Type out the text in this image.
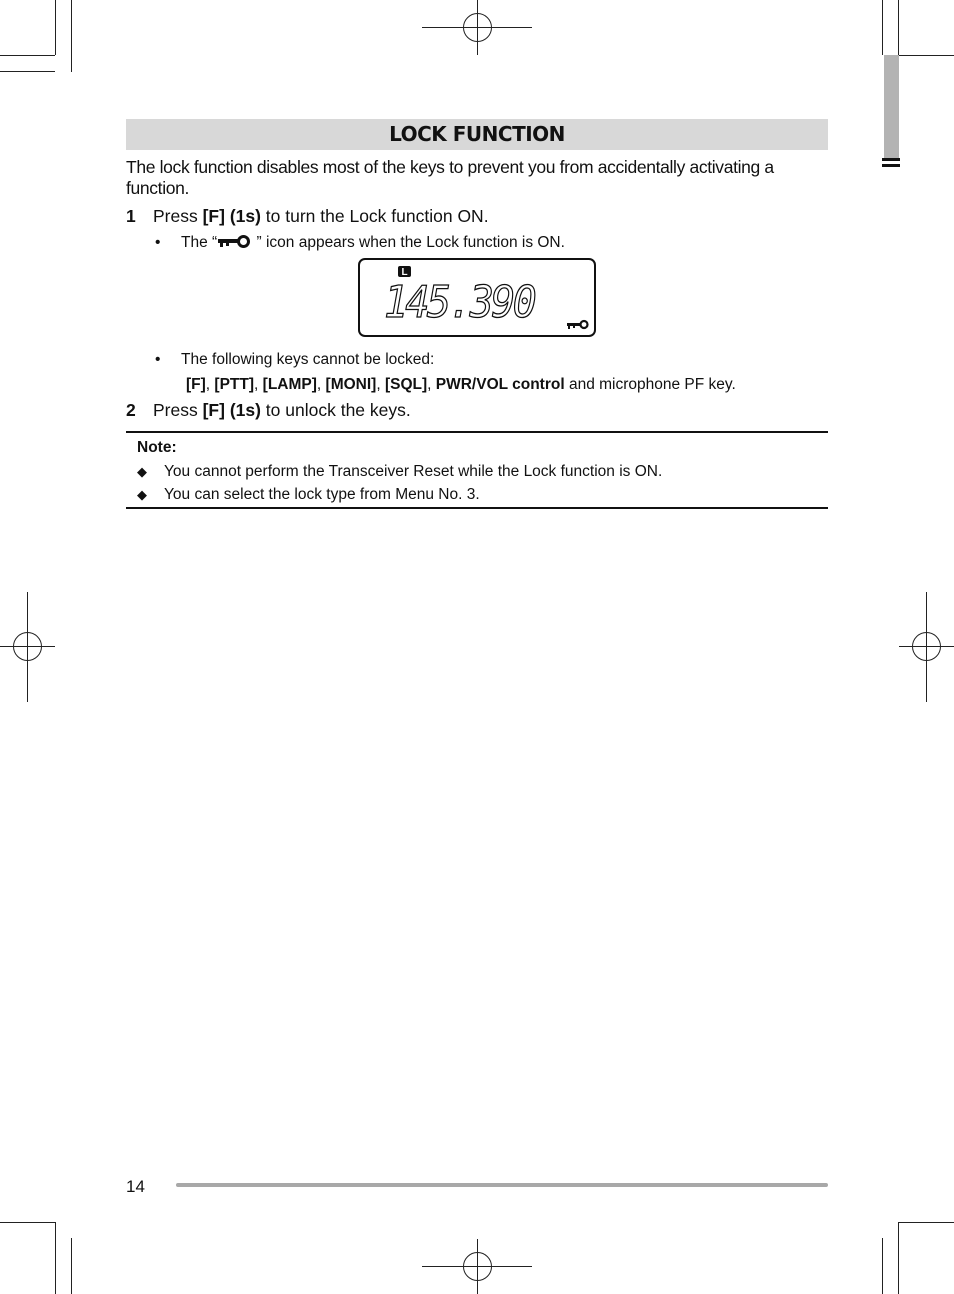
LOCK FUNCTION
The lock function disables most of the keys to prevent you from accidentally activating a function.
1 Press [F] (1s) to turn the Lock function ON.
• The “ ” icon appears when the Lock function is ON.
L
145.390
• The following keys cannot be locked:
[F], [PTT], [LAMP], [MONI], [SQL], PWR/VOL control and microphone PF key.
2 Press [F] (1s) to unlock the keys.
Note:
◆ You cannot perform the Transceiver Reset while the Lock function is ON.
◆ You can select the lock type from Menu No. 3.
14
